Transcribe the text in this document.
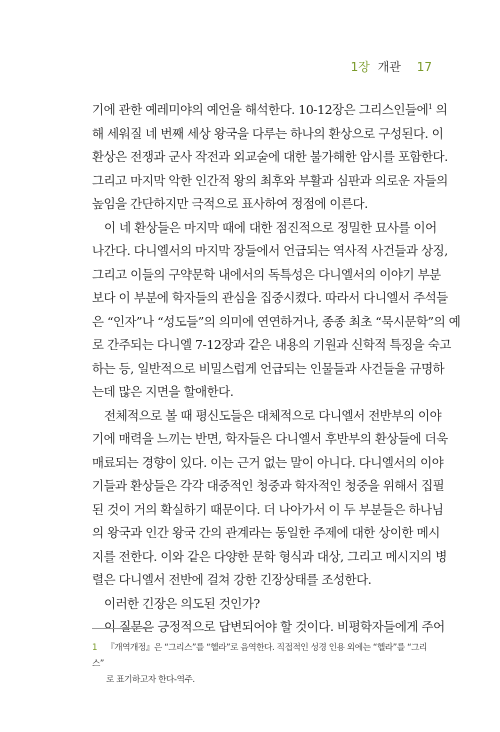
1장 개관 17
기에 관한 예레미야의 예언을 해석한다. 10-12장은 그리스인들에$^1$ 의
해 세워질 네 번째 세상 왕국을 다루는 하나의 환상으로 구성된다. 이
환상은 전쟁과 군사 작전과 외교술에 대한 불가해한 암시를 포함한다.
그리고 마지막 악한 인간적 왕의 최후와 부활과 심판과 의로운 자들의
높임을 간단하지만 극적으로 표사하여 정점에 이른다.
이 네 환상들은 마지막 때에 대한 점진적으로 정밀한 묘사를 이어
나간다. 다니엘서의 마지막 장들에서 언급되는 역사적 사건들과 상징,
그리고 이들의 구약문학 내에서의 독특성은 다니엘서의 이야기 부분
보다 이 부분에 학자들의 관심을 집중시켰다. 따라서 다니엘서 주석들
은 “인자”나 “성도들”의 의미에 연연하거나, 종종 최초 “묵시문학”의 예
로 간주되는 다니엘 7-12장과 같은 내용의 기원과 신학적 특징을 숙고
하는 등, 일반적으로 비밀스럽게 언급되는 인물들과 사건들을 규명하
는데 많은 지면을 할애한다.
전체적으로 볼 때 평신도들은 대체적으로 다니엘서 전반부의 이야
기에 매력을 느끼는 반면, 학자들은 다니엘서 후반부의 환상들에 더욱
매료되는 경향이 있다. 이는 근거 없는 말이 아니다. 다니엘서의 이야
기들과 환상들은 각각 대중적인 청중과 학자적인 청중을 위해서 집필
된 것이 거의 확실하기 때문이다. 더 나아가서 이 두 부분들은 하나님
의 왕국과 인간 왕국 간의 관계라는 동일한 주제에 대한 상이한 메시
지를 전한다. 이와 같은 다양한 문학 형식과 대상, 그리고 메시지의 병
렬은 다니엘서 전반에 걸쳐 강한 긴장상태를 조성한다.
이러한 긴장은 의도된 것인가?
이 질문은 긍정적으로 답변되어야 할 것이다. 비평학자들에게 주어
1 『개역개정』은 “그리스”를 “헬라”로 음역한다. 직접적인 성경 인용 외에는 “헬라”를 “그리스”
로 표기하고자 한다-역주.
